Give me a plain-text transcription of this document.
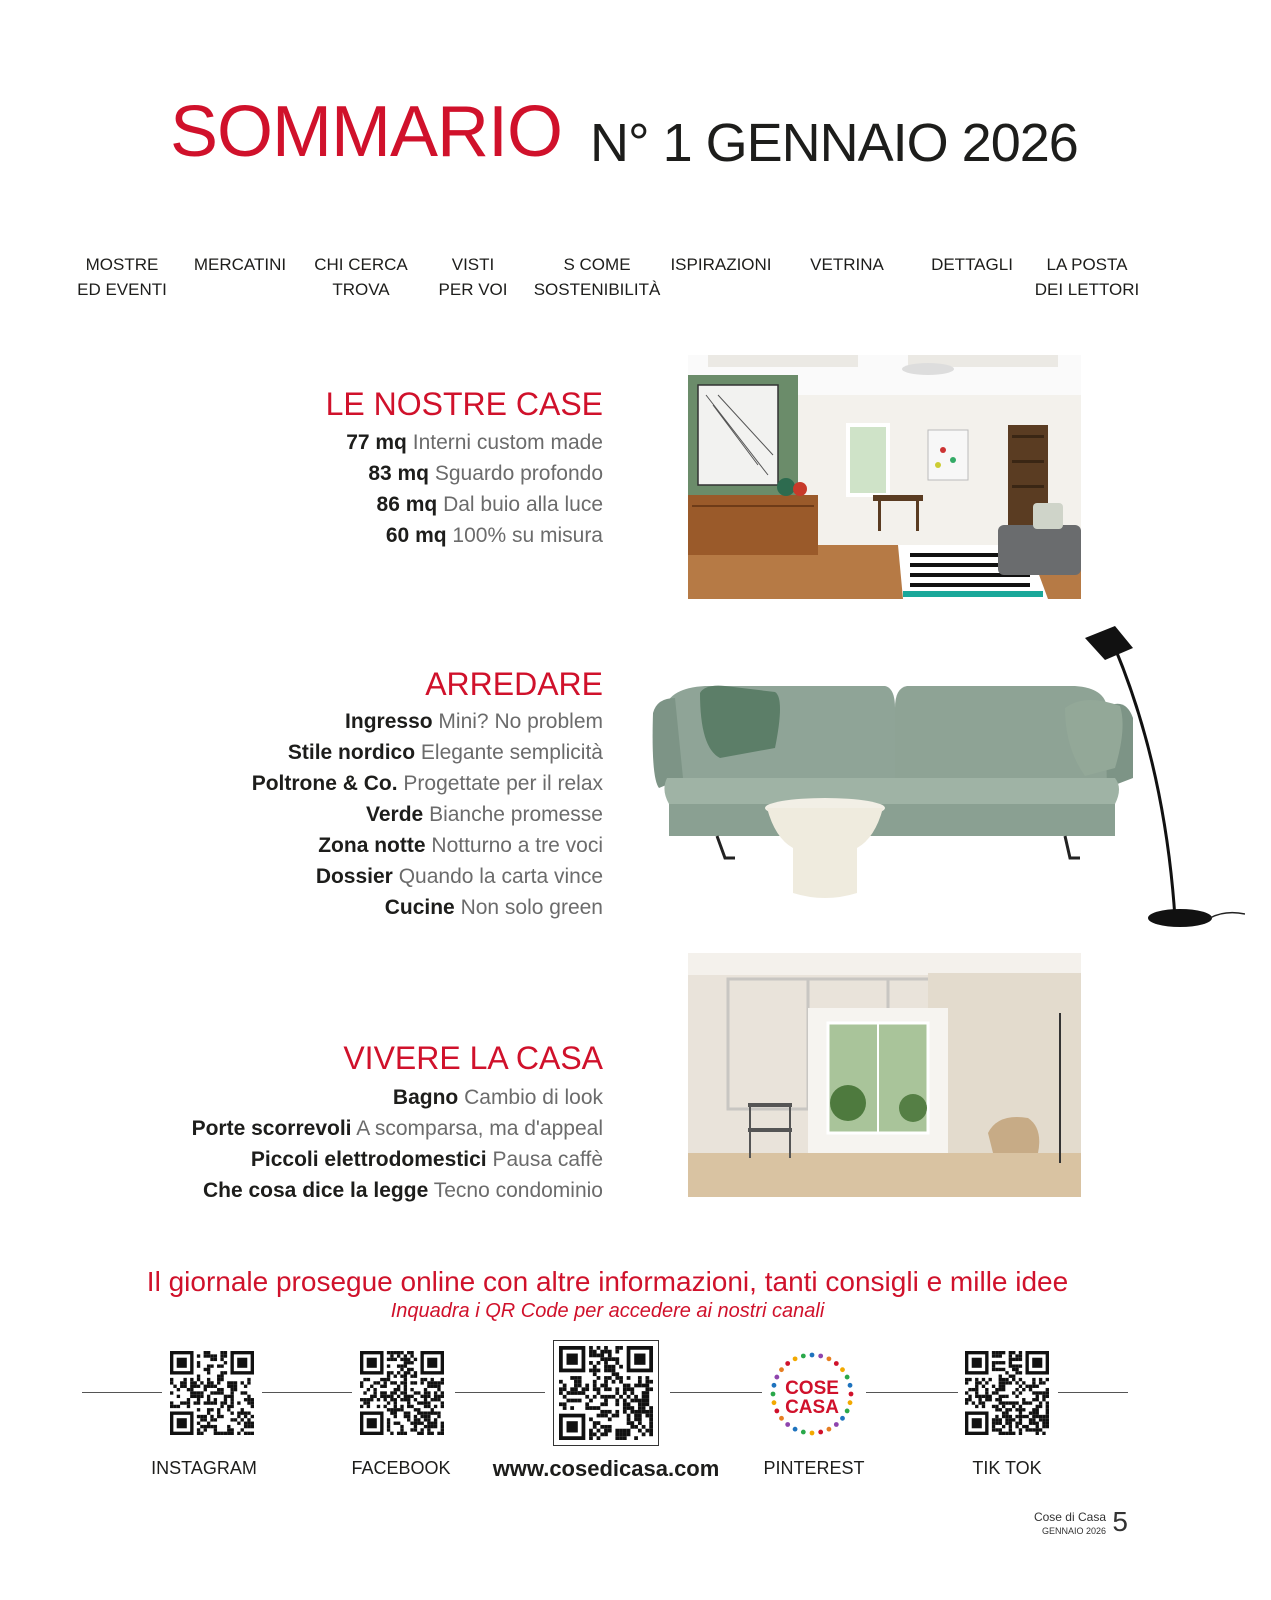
SOMMARIO N° 1 GENNAIO 2026
MOSTRE
ED EVENTI
MERCATINI CHI CERCA
TROVA
VISTI
PER VOI
S COME
SOSTENIBILITÀ
ISPIRAZIONI VETRINA	DETTAGLI	LA POSTA
DEI LETTORI
LE NOSTRE CASE
77 mq Interni custom made
83 mq Sguardo profondo
86 mq Dal buio alla luce
60 mq 100% su misura
ARREDARE
Ingresso Mini? No problem
Stile nordico Elegante semplicità
Poltrone & Co. Progettate per il relax
Verde Bianche promesse
Zona notte Notturno a tre voci
Dossier Quando la carta vince
Cucine Non solo green
VIVERE LA CASA
Bagno Cambio di look
Porte scorrevoli A scomparsa, ma d'appeal
Piccoli elettrodomestici Pausa caffè
Che cosa dice la legge Tecno condominio
Il giornale prosegue online con altre informazioni, tanti consigli e mille idee
Inquadra i QR Code per accedere ai nostri canali
COSE
CASA
INSTAGRAM	FACEBOOK www.cosedicasa.com PINTEREST	TIK TOK
Cose di Casa
GENNAIO 2026 5
